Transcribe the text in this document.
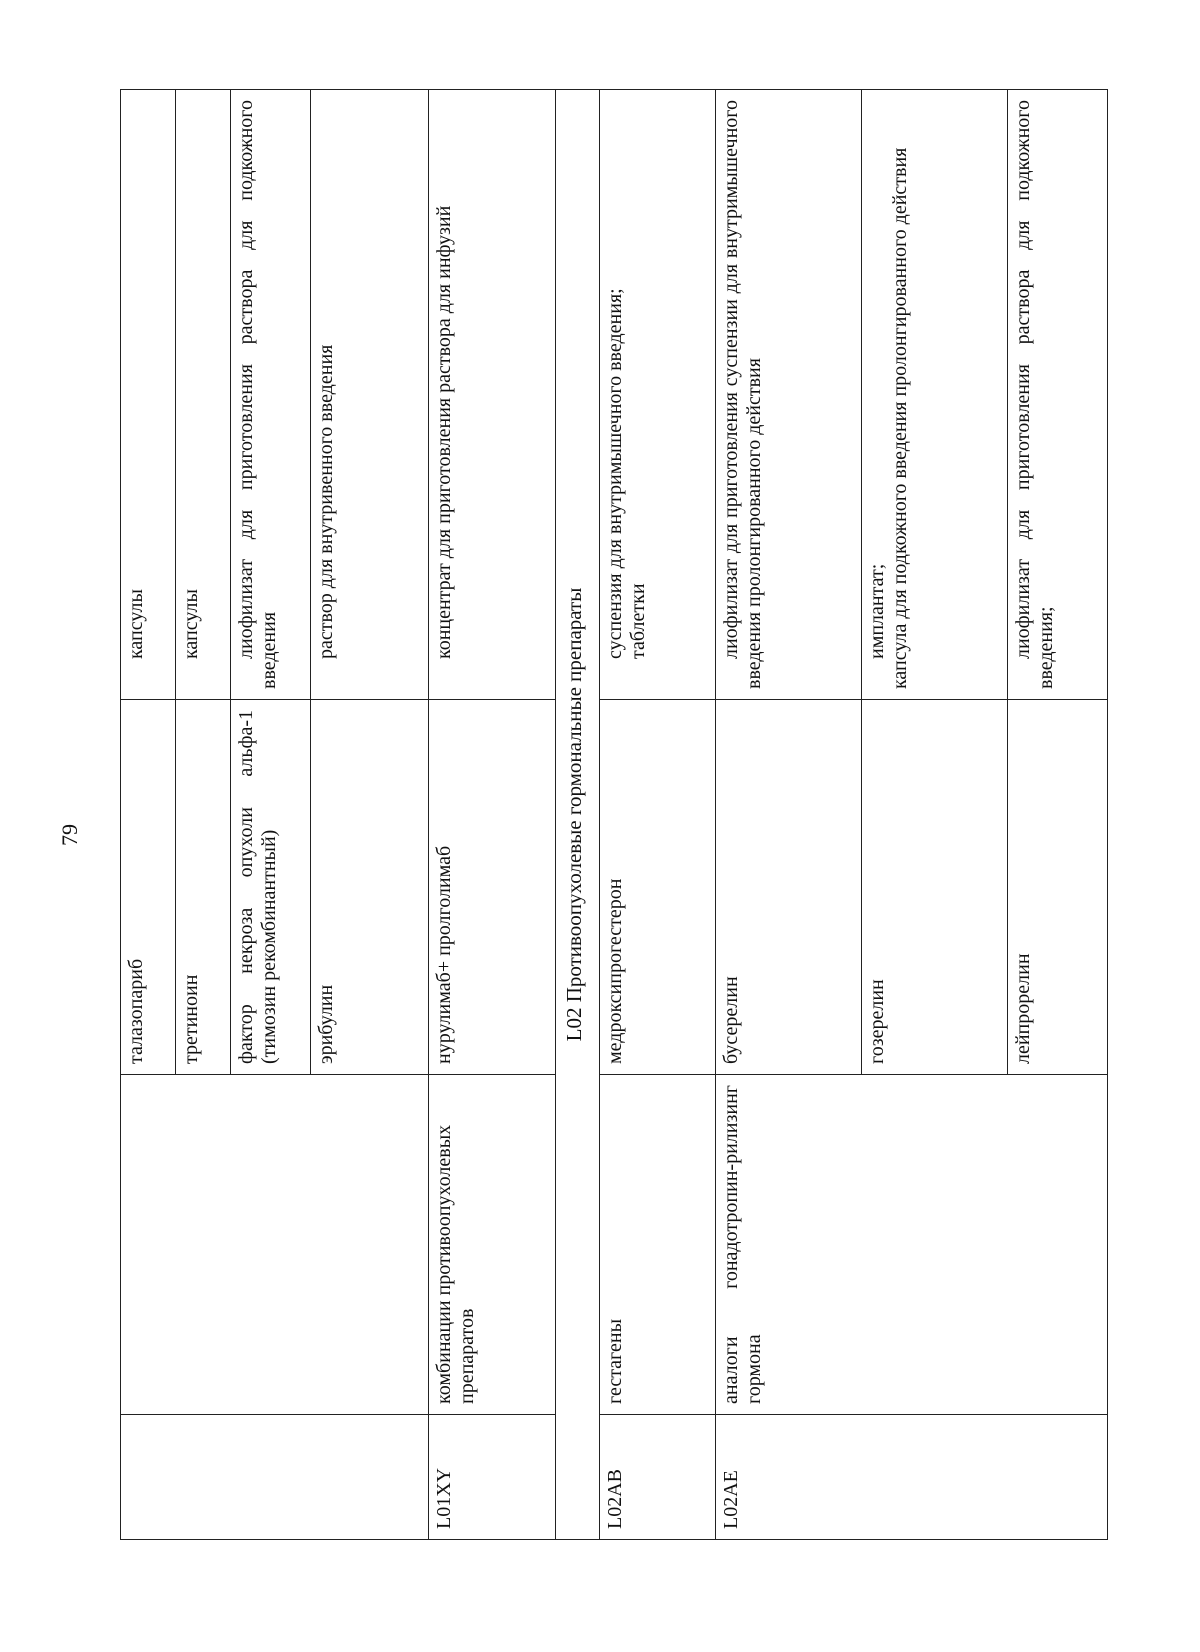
79
		талазопариб	капсулы
		третиноин	капсулы
		фактор некроза опухоли альфа-1 (тимозин рекомбинантный)	лиофилизат для приготовления раствора для подкожного введения
		эрибулин	раствор для внутривенного введения
L01XY	комбинации противоопухолевых препаратов	нурулимаб+ пролголимаб	концентрат для приготовления раствора для инфузий
L02 Противоопухолевые гормональные препараты			
L02AB	гестагены	медроксипрогестерон	суспензия для внутримышечного введения; таблетки

L02AE	аналоги гонадотропин-рилизинг гормона	бусерелин	лиофилизат для приготовления суспензии для внутримышечного введения пролонгированного действия
		гозерелин	имплантат; капсула для подкожного введения пролонгированного действия

		лейпрорелин	лиофилизат для приготовления раствора для подкожного введения;
